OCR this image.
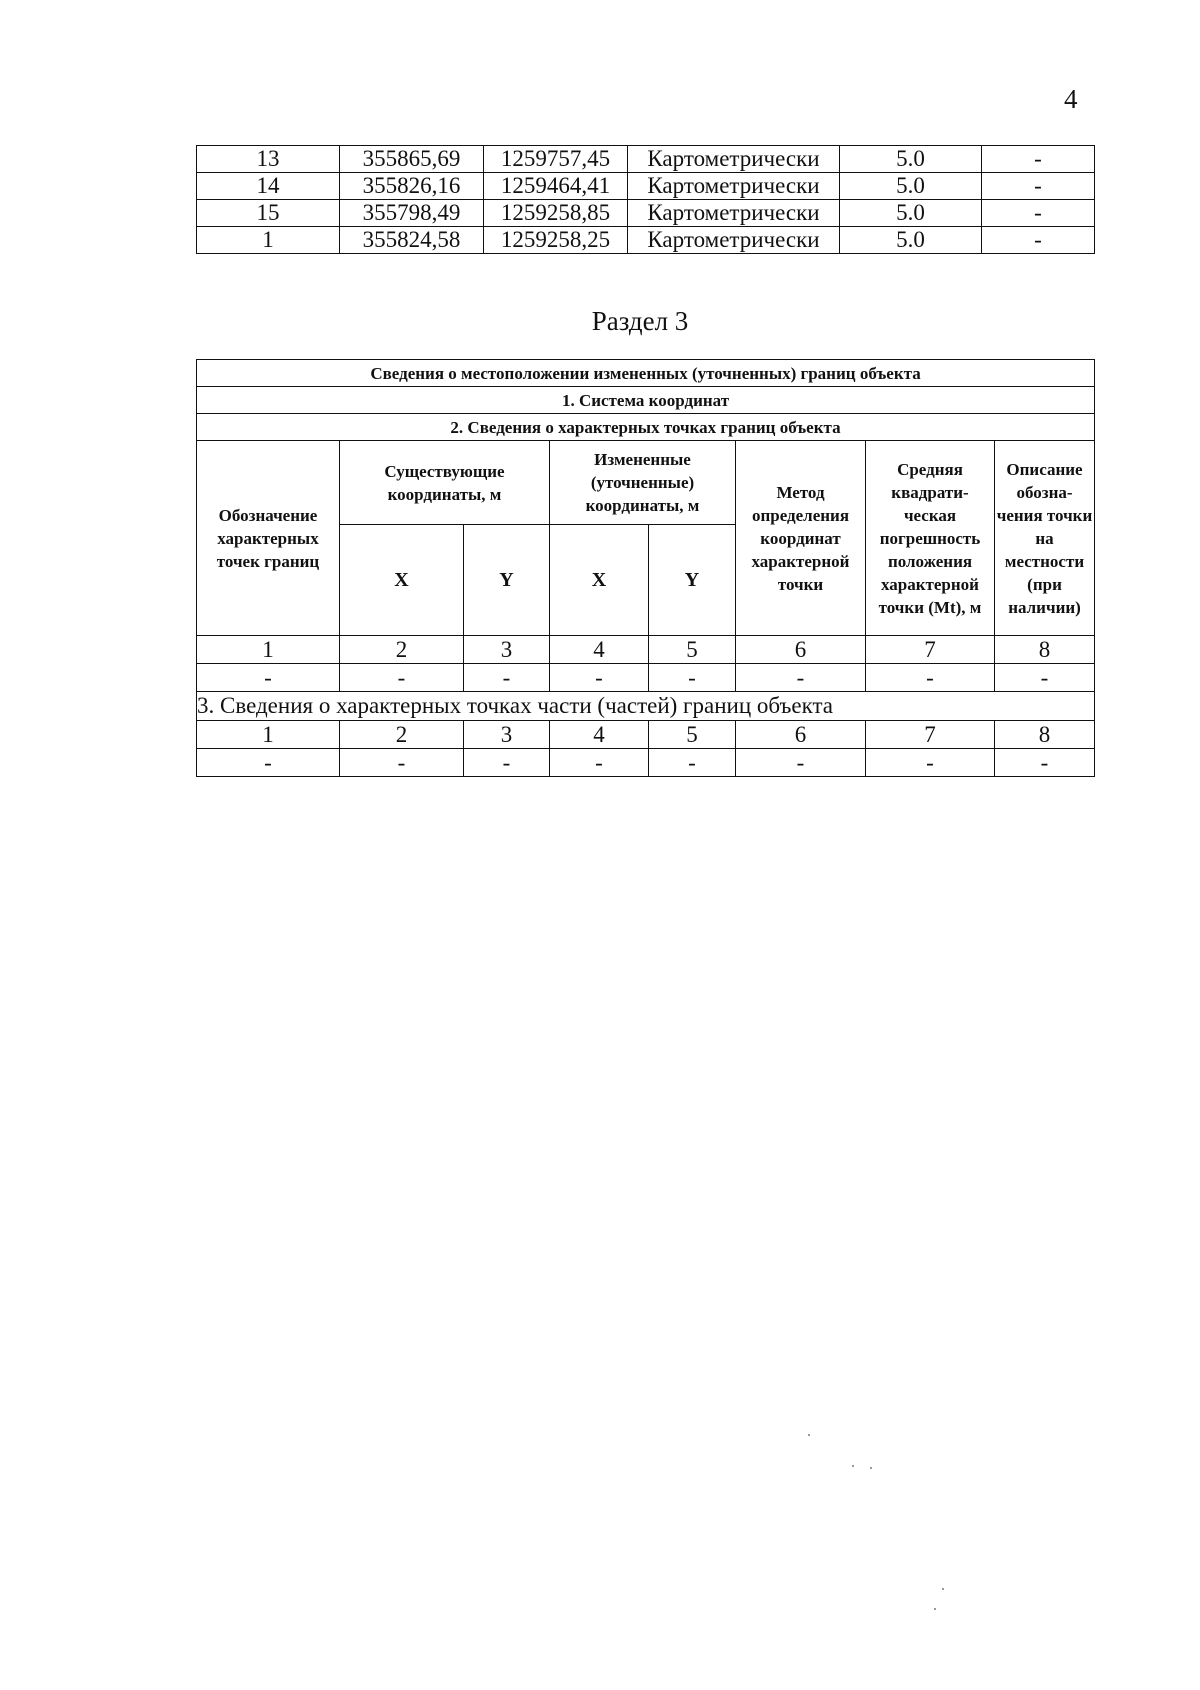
4
13	355865,69	1259757,45	Картометрически	5.0	-
14	355826,16	1259464,41	Картометрически	5.0	-
15	355798,49	1259258,85	Картометрически	5.0	-
1	355824,58	1259258,25	Картометрически	5.0	-
Раздел 3
Сведения о местоположении измененных (уточненных) границ объекта							
1. Система координат							
2. Сведения о характерных точках границ объекта							
Обозначение характерных точек границ	Существующие координаты, м		Измененные (уточненные) координаты, м		Метод определения координат характерной точки	Средняя квадрати-ческая погрешность положения характерной точки (Mt), м	Описание обозна-чения точки на местности (при наличии)
	X	Y	X	Y			
1	2	3	4	5	6	7	8
-	-	-	-	-	-	-	-
3. Сведения о характерных точках части (частей) границ объекта							
1	2	3	4	5	6	7	8
-	-	-	-	-	-	-	-
